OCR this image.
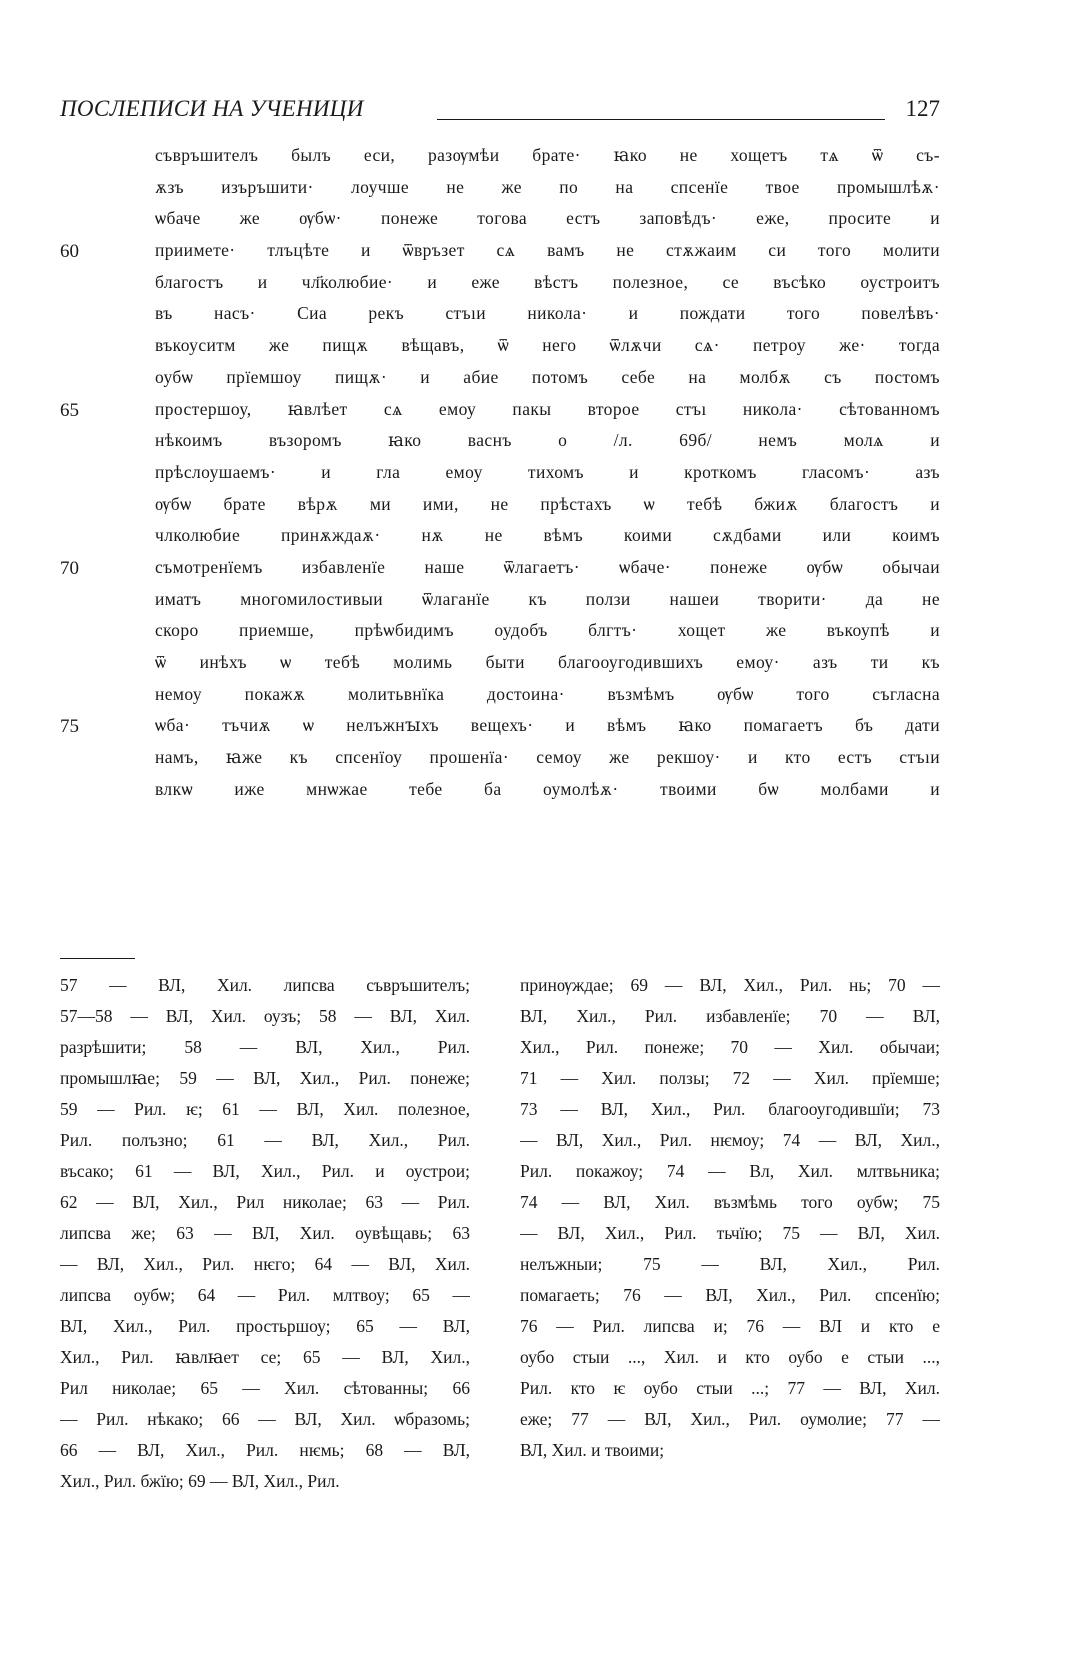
ПОСЛЕПИСИ НА УЧЕНИЦИ	127
съвръшителъ былъ еси, разѹмѣи брате· ꙗко не хощетъ тѧ ѿ съ-
ѫзъ изъръшити· лоучше не же по на спсенїе твое промышлѣѫ·
ѡбаче же ѹбѡ· понеже тогова естъ заповѣдъ· еже, просите и
60	приимете· тлъцѣте и ѿвръзет сѧ вамъ не стѫжаим си того молити
благостъ и чл҃колюбие· и еже вѣстъ полезное, се въсѣко оустроитъ
въ насъ· Сиа рекъ стъıи никола· и пождати того повелѣвъ·
въкоуситм же пищѫ вѣщавъ, ѿ него ѿлѫчи сѧ· петроу же· тогда
оубѡ прїемшоу пищѫ· и абие потомъ себе на молбѫ съ постомъ
65	простершоу, ꙗвлѣет сѧ емоу пакы второе стъı никола· сѣтованномъ
нѣкоимъ възоромъ ꙗко васнъ о /л. 69б/ немъ молѧ и
прѣслоушаемъ· и гла емоу тихомъ и кроткомъ гласомъ· азъ
ѹбѡ брате вѣрѫ ми ими, не прѣстахъ ѡ тебѣ бжиѫ благостъ и
члколюбие принѫждаѫ· нѫ не вѣмъ коими сѫдбами или коимъ
70	съмотренїемъ избавленїе наше ѿлагаетъ· ѡбаче· понеже ѹбѡ обычаи
иматъ многомилостивыи ѿлаганїе къ ползи нашеи творити· да не
скоро приемше, прѣѡбидимъ оудобъ блгтъ· хощет же въкоупѣ и
ѿ инѣхъ ѡ тебѣ молимь быти благооугодившихъ емоу· азъ ти къ
немоу покажѫ молитьвнїка достоина· възмѣмъ ѹбѡ того съгласна
75	ѡба· тъчиѫ ѡ нелъжнꙑхъ вещехъ· и вѣмъ ꙗко помагаетъ бъ дати
намъ, ꙗже къ спсенїоу прошенїа· семоу же рекшоу· и кто естъ стъıи
влкѡ иже мнѡжае тебе ба оумолѣѫ· твоими бѡ молбами и
57 — ВЛ, Хил. липсва съвръшителъ;
57—58 — ВЛ, Хил. оузъ; 58 — ВЛ, Хил.
разрѣшити; 58 — ВЛ, Хил., Рил.
промышлꙗе; 59 — ВЛ, Хил., Рил. понеже;
59 — Рил. ѥ; 61 — ВЛ, Хил. полезное,
Рил. полъзно; 61 — ВЛ, Хил., Рил.
въсако; 61 — ВЛ, Хил., Рил. и оустрои;
62 — ВЛ, Хил., Рил николае; 63 — Рил.
липсва же; 63 — ВЛ, Хил. оувѣщавь; 63
— ВЛ, Хил., Рил. нѥго; 64 — ВЛ, Хил.
липсва оубѡ; 64 — Рил. млтвоу; 65 —
ВЛ, Хил., Рил. простьршоу; 65 — ВЛ,
Хил., Рил. ꙗвлꙗет се; 65 — ВЛ, Хил.,
Рил николае; 65 — Хил. сѣтованны; 66
— Рил. нѣкако; 66 — ВЛ, Хил. ѡбразомь;
66 — ВЛ, Хил., Рил. нѥмь; 68 — ВЛ,
Хил., Рил. бжїю; 69 — ВЛ, Хил., Рил.
принѹждае; 69 — ВЛ, Хил., Рил. нь; 70 —
ВЛ, Хил., Рил. избавленїе; 70 — ВЛ,
Хил., Рил. понеже; 70 — Хил. обычаи;
71 — Хил. ползы; 72 — Хил. прїемше;
73 — ВЛ, Хил., Рил. благооугодившїи; 73
— ВЛ, Хил., Рил. нѥмоу; 74 — ВЛ, Хил.,
Рил. покажоу; 74 — Вл, Хил. млтвьника;
74 — ВЛ, Хил. възмѣмь того оубѡ; 75
— ВЛ, Хил., Рил. тьчїю; 75 — ВЛ, Хил.
нелъжныи; 75 — ВЛ, Хил., Рил.
помагаеть; 76 — ВЛ, Хил., Рил. спсенїю;
76 — Рил. липсва и; 76 — ВЛ и кто е
оубо стыи ..., Хил. и кто оубо е стыи ...,
Рил. кто ѥ оубо стыи ...; 77 — ВЛ, Хил.
еже; 77 — ВЛ, Хил., Рил. оумолие; 77 —
ВЛ, Хил. и твоими;
